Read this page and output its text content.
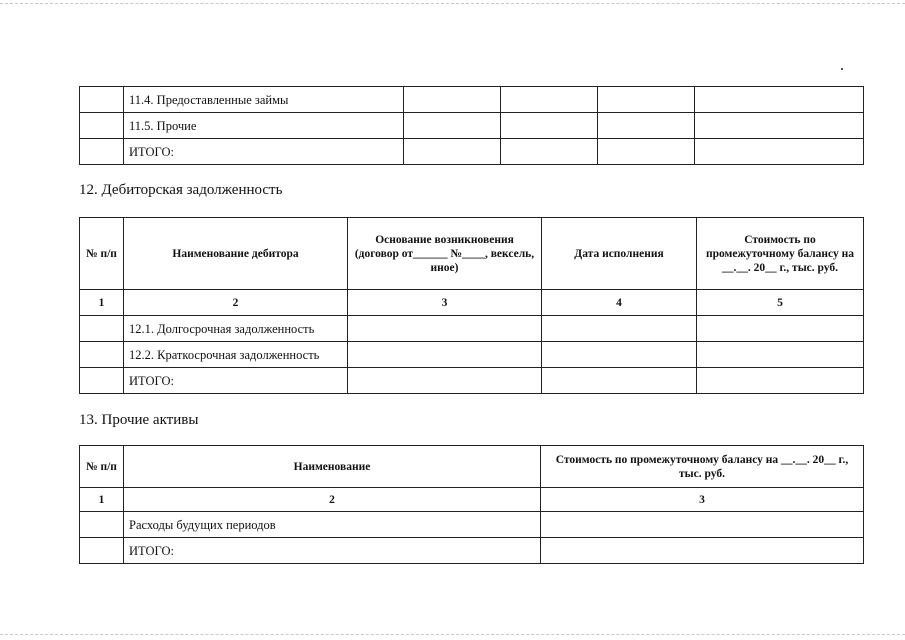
	11.4. Предоставленные займы				
	11.5. Прочие				
	ИТОГО:				
12. Дебиторская задолженность
№ п/п	Наименование дебитора	Основание возникновения (договор от______ №____, вексель, иное)	Дата исполнения	Стоимость по промежуточному балансу на __.__. 20__ г., тыс. руб.
1	2	3	4	5
	12.1. Долгосрочная задолженность			
	12.2. Краткосрочная задолженность			
	ИТОГО:			
13. Прочие активы
№ п/п	Наименование	Стоимость по промежуточному балансу на __.__. 20__ г., тыс. руб.
1	2	3
	Расходы будущих периодов	
	ИТОГО:	
